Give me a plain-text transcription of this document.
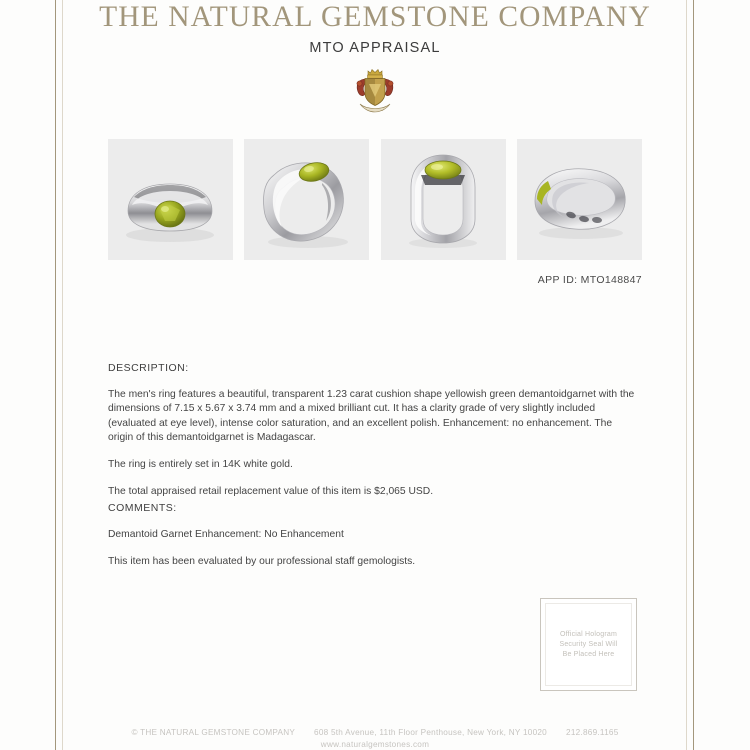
THE NATURAL GEMSTONE COMPANY
MTO APPRAISAL
APP ID: MTO148847
DESCRIPTION:
The men's ring features a beautiful, transparent 1.23 carat cushion shape yellowish green demantoidgarnet with the dimensions of 7.15 x 5.67 x 3.74 mm and a mixed brilliant cut. It has a clarity grade of very slightly included (evaluated at eye level), intense color saturation, and an excellent polish. Enhancement: no enhancement. The origin of this demantoidgarnet is Madagascar.
The ring is entirely set in 14K white gold.
The total appraised retail replacement value of this item is $2,065 USD.
COMMENTS:
Demantoid Garnet Enhancement: No Enhancement
This item has been evaluated by our professional staff gemologists.
Official Hologram
Security Seal Will
Be Placed Here
© THE NATURAL GEMSTONE COMPANY 608 5th Avenue, 11th Floor Penthouse, New York, NY 10020 212.869.1165
www.naturalgemstones.com
